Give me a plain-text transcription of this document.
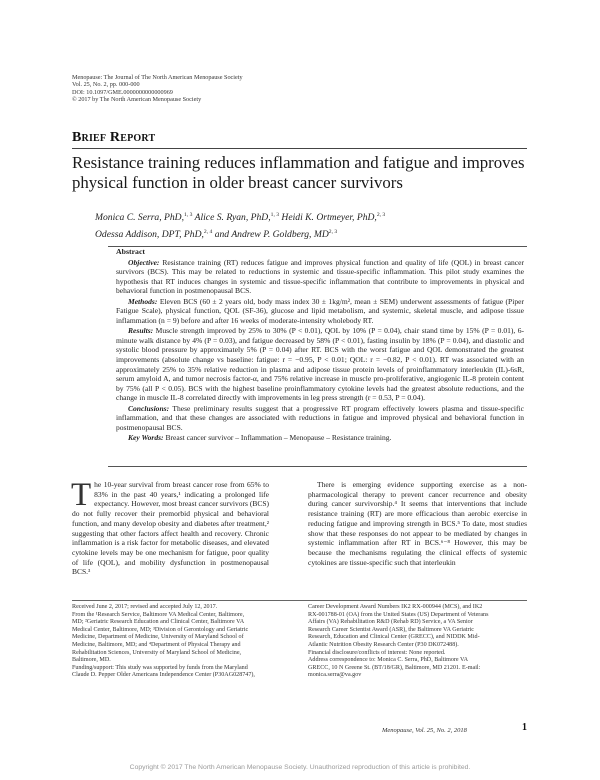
Menopause: The Journal of The North American Menopause Society
Vol. 25, No. 2, pp. 000-000
DOI: 10.1097/GME.0000000000000969
© 2017 by The North American Menopause Society
Brief Report
Resistance training reduces inflammation and fatigue and improves
physical function in older breast cancer survivors
Monica C. Serra, PhD,$^{1, 3}$ Alice S. Ryan, PhD,$^{1, 3}$ Heidi K. Ortmeyer, PhD,$^{2, 3}$
Odessa Addison, DPT, PhD,$^{2, 4}$ and Andrew P. Goldberg, MD$^{2, 3}$
Abstract

Objective: Resistance training (RT) reduces fatigue and improves physical function and quality of life (QOL) in breast cancer survivors (BCS). This may be related to reductions in systemic and tissue-specific inflammation. This pilot study examines the hypothesis that RT induces changes in systemic and tissue-specific inflammation that contribute to improvements in physical and behavioral function in postmenopausal BCS.

Methods: Eleven BCS (60 ± 2 years old, body mass index 30 ± 1kg/m², mean ± SEM) underwent assessments of fatigue (Piper Fatigue Scale), physical function, QOL (SF-36), glucose and lipid metabolism, and systemic, skeletal muscle, and adipose tissue inflammation (n = 9) before and after 16 weeks of moderate-intensity wholebody RT.

Results: Muscle strength improved by 25% to 30% (P < 0.01), QOL by 10% (P = 0.04), chair stand time by 15% (P = 0.01), 6-minute walk distance by 4% (P = 0.03), and fatigue decreased by 58% (P < 0.01), fasting insulin by 18% (P = 0.04), and diastolic and systolic blood pressure by approximately 5% (P = 0.04) after RT. BCS with the worst fatigue and QOL demonstrated the greatest improvements (absolute change vs baseline: fatigue: r = −0.95, P < 0.01; QOL: r = −0.82, P < 0.01). RT was associated with an approximately 25% to 35% relative reduction in plasma and adipose tissue protein levels of proinflammatory interleukin (IL)-6sR, serum amyloid A, and tumor necrosis factor-α, and 75% relative increase in muscle pro-proliferative, angiogenic IL-8 protein content by 75% (all P < 0.05). BCS with the highest baseline proinflammatory cytokine levels had the greatest absolute reductions, and the change in muscle IL-8 correlated directly with improvements in leg press strength (r = 0.53, P = 0.04).

Conclusions: These preliminary results suggest that a progressive RT program effectively lowers plasma and tissue-specific inflammation, and that these changes are associated with reductions in fatigue and improved physical and behavioral function in postmenopausal BCS.

Key Words: Breast cancer survivor – Inflammation – Menopause – Resistance training.

The 10-year survival from breast cancer rose from 65% to 83% in the past 40 years,¹ indicating a prolonged life expectancy. However, most breast cancer survivors (BCS) do not fully recover their premorbid physical and behavioral function, and many develop obesity and diabetes after treatment,² suggesting that other factors affect health and recovery. Chronic inflammation is a risk factor for metabolic diseases, and elevated cytokine levels may be one mechanism for fatigue, poor quality of life (QOL), and mobility dysfunction in postmenopausal BCS.³

There is emerging evidence supporting exercise as a non- pharmacological therapy to prevent cancer recurrence and obesity during cancer survivorship.⁴ It seems that interventions that include resistance training (RT) are more efficacious than aerobic exercise in reducing fatigue and improving strength in BCS.⁵ To date, most studies show that these responses do not appear to be mediated by changes in systemic inflammation after RT in BCS.⁶⁻⁸ However, this may be because the mechanisms regulating the clinical effects of systemic cytokines are tissue-specific such that interleukin

Received June 2, 2017; revised and accepted July 12, 2017.
From the ¹Research Service, Baltimore VA Medical Center, Baltimore,
MD; ²Geriatric Research Education and Clinical Center, Baltimore VA
Medical Center, Baltimore, MD; ³Division of Gerontology and Geriatric
Medicine, Department of Medicine, University of Maryland School of
Medicine, Baltimore, MD; and ⁴Department of Physical Therapy and
Rehabilitation Sciences, University of Maryland School of Medicine,
Baltimore, MD.
Funding/support: This study was supported by funds from the Maryland
Claude D. Pepper Older Americans Independence Center (P30AG028747),
Career Development Award Numbers IK2 RX-000944 (MCS), and IK2
RX-001788-01 (OA) from the United States (US) Department of Veterans
Affairs (VA) Rehabilitation R&D (Rehab RD) Service, a VA Senior
Research Career Scientist Award (ASR), the Baltimore VA Geriatric
Research, Education and Clinical Center (GRECC), and NIDDK Mid-
Atlantic Nutrition Obesity Research Center (P30 DK072488).
Financial disclosure/conflicts of interest: None reported.
Address correspondence to: Monica C. Serra, PhD, Baltimore VA
GRECC, 10 N Greene St. (BT/18/GR), Baltimore, MD 21201. E-mail:
monica.serra@va.gov
Menopause, Vol. 25, No. 2, 2018	1
Copyright © 2017 The North American Menopause Society. Unauthorized reproduction of this article is prohibited.
